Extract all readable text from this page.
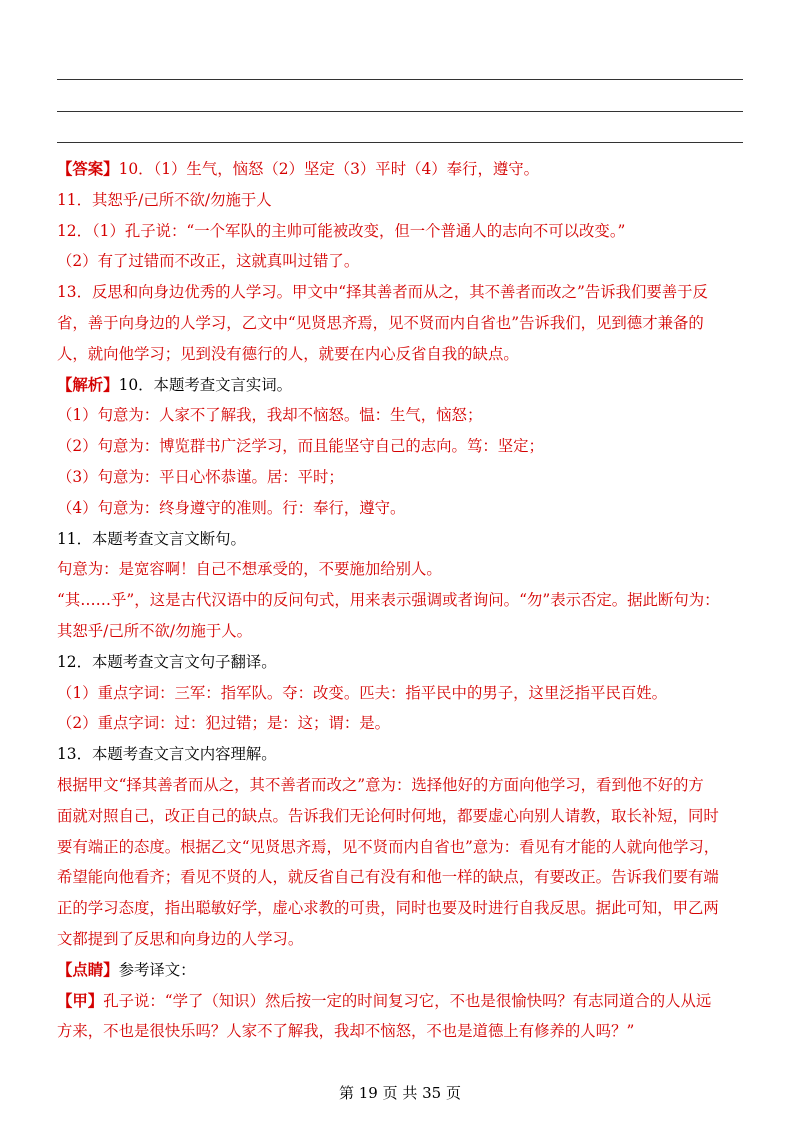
【答案】10．（1）生气，恼怒（2）坚定（3）平时（4）奉行，遵守。
11．其恕乎/己所不欲/勿施于人
12．（1）孔子说：“一个军队的主帅可能被改变，但一个普通人的志向不可以改变。”
（2）有了过错而不改正，这就真叫过错了。
13．反思和向身边优秀的人学习。甲文中“择其善者而从之，其不善者而改之”告诉我们要善于反
省，善于向身边的人学习，乙文中“见贤思齐焉，见不贤而内自省也”告诉我们，见到德才兼备的
人，就向他学习；见到没有德行的人，就要在内心反省自我的缺点。
【解析】10．本题考查文言实词。
（1）句意为：人家不了解我，我却不恼怒。愠：生气，恼怒；
（2）句意为：博览群书广泛学习，而且能坚守自己的志向。笃：坚定；
（3）句意为：平日心怀恭谨。居：平时；
（4）句意为：终身遵守的准则。行：奉行，遵守。
11．本题考查文言文断句。
句意为：是宽容啊！自己不想承受的，不要施加给别人。
“其……乎”，这是古代汉语中的反问句式，用来表示强调或者询问。“勿”表示否定。据此断句为：
其恕乎/己所不欲/勿施于人。
12．本题考查文言文句子翻译。
（1）重点字词：三军：指军队。夺：改变。匹夫：指平民中的男子，这里泛指平民百姓。
（2）重点字词：过：犯过错；是：这；谓：是。
13．本题考查文言文内容理解。
根据甲文“择其善者而从之，其不善者而改之”意为：选择他好的方面向他学习，看到他不好的方
面就对照自己，改正自己的缺点。告诉我们无论何时何地，都要虚心向别人请教，取长补短，同时
要有端正的态度。根据乙文“见贤思齐焉，见不贤而内自省也”意为：看见有才能的人就向他学习，
希望能向他看齐；看见不贤的人，就反省自己有没有和他一样的缺点，有要改正。告诉我们要有端
正的学习态度，指出聪敏好学，虚心求教的可贵，同时也要及时进行自我反思。据此可知，甲乙两
文都提到了反思和向身边的人学习。
【点睛】参考译文：
【甲】孔子说：“学了（知识）然后按一定的时间复习它，不也是很愉快吗？有志同道合的人从远
方来，不也是很快乐吗？人家不了解我，我却不恼怒，不也是道德上有修养的人吗？”
第 19 页 共 35 页
